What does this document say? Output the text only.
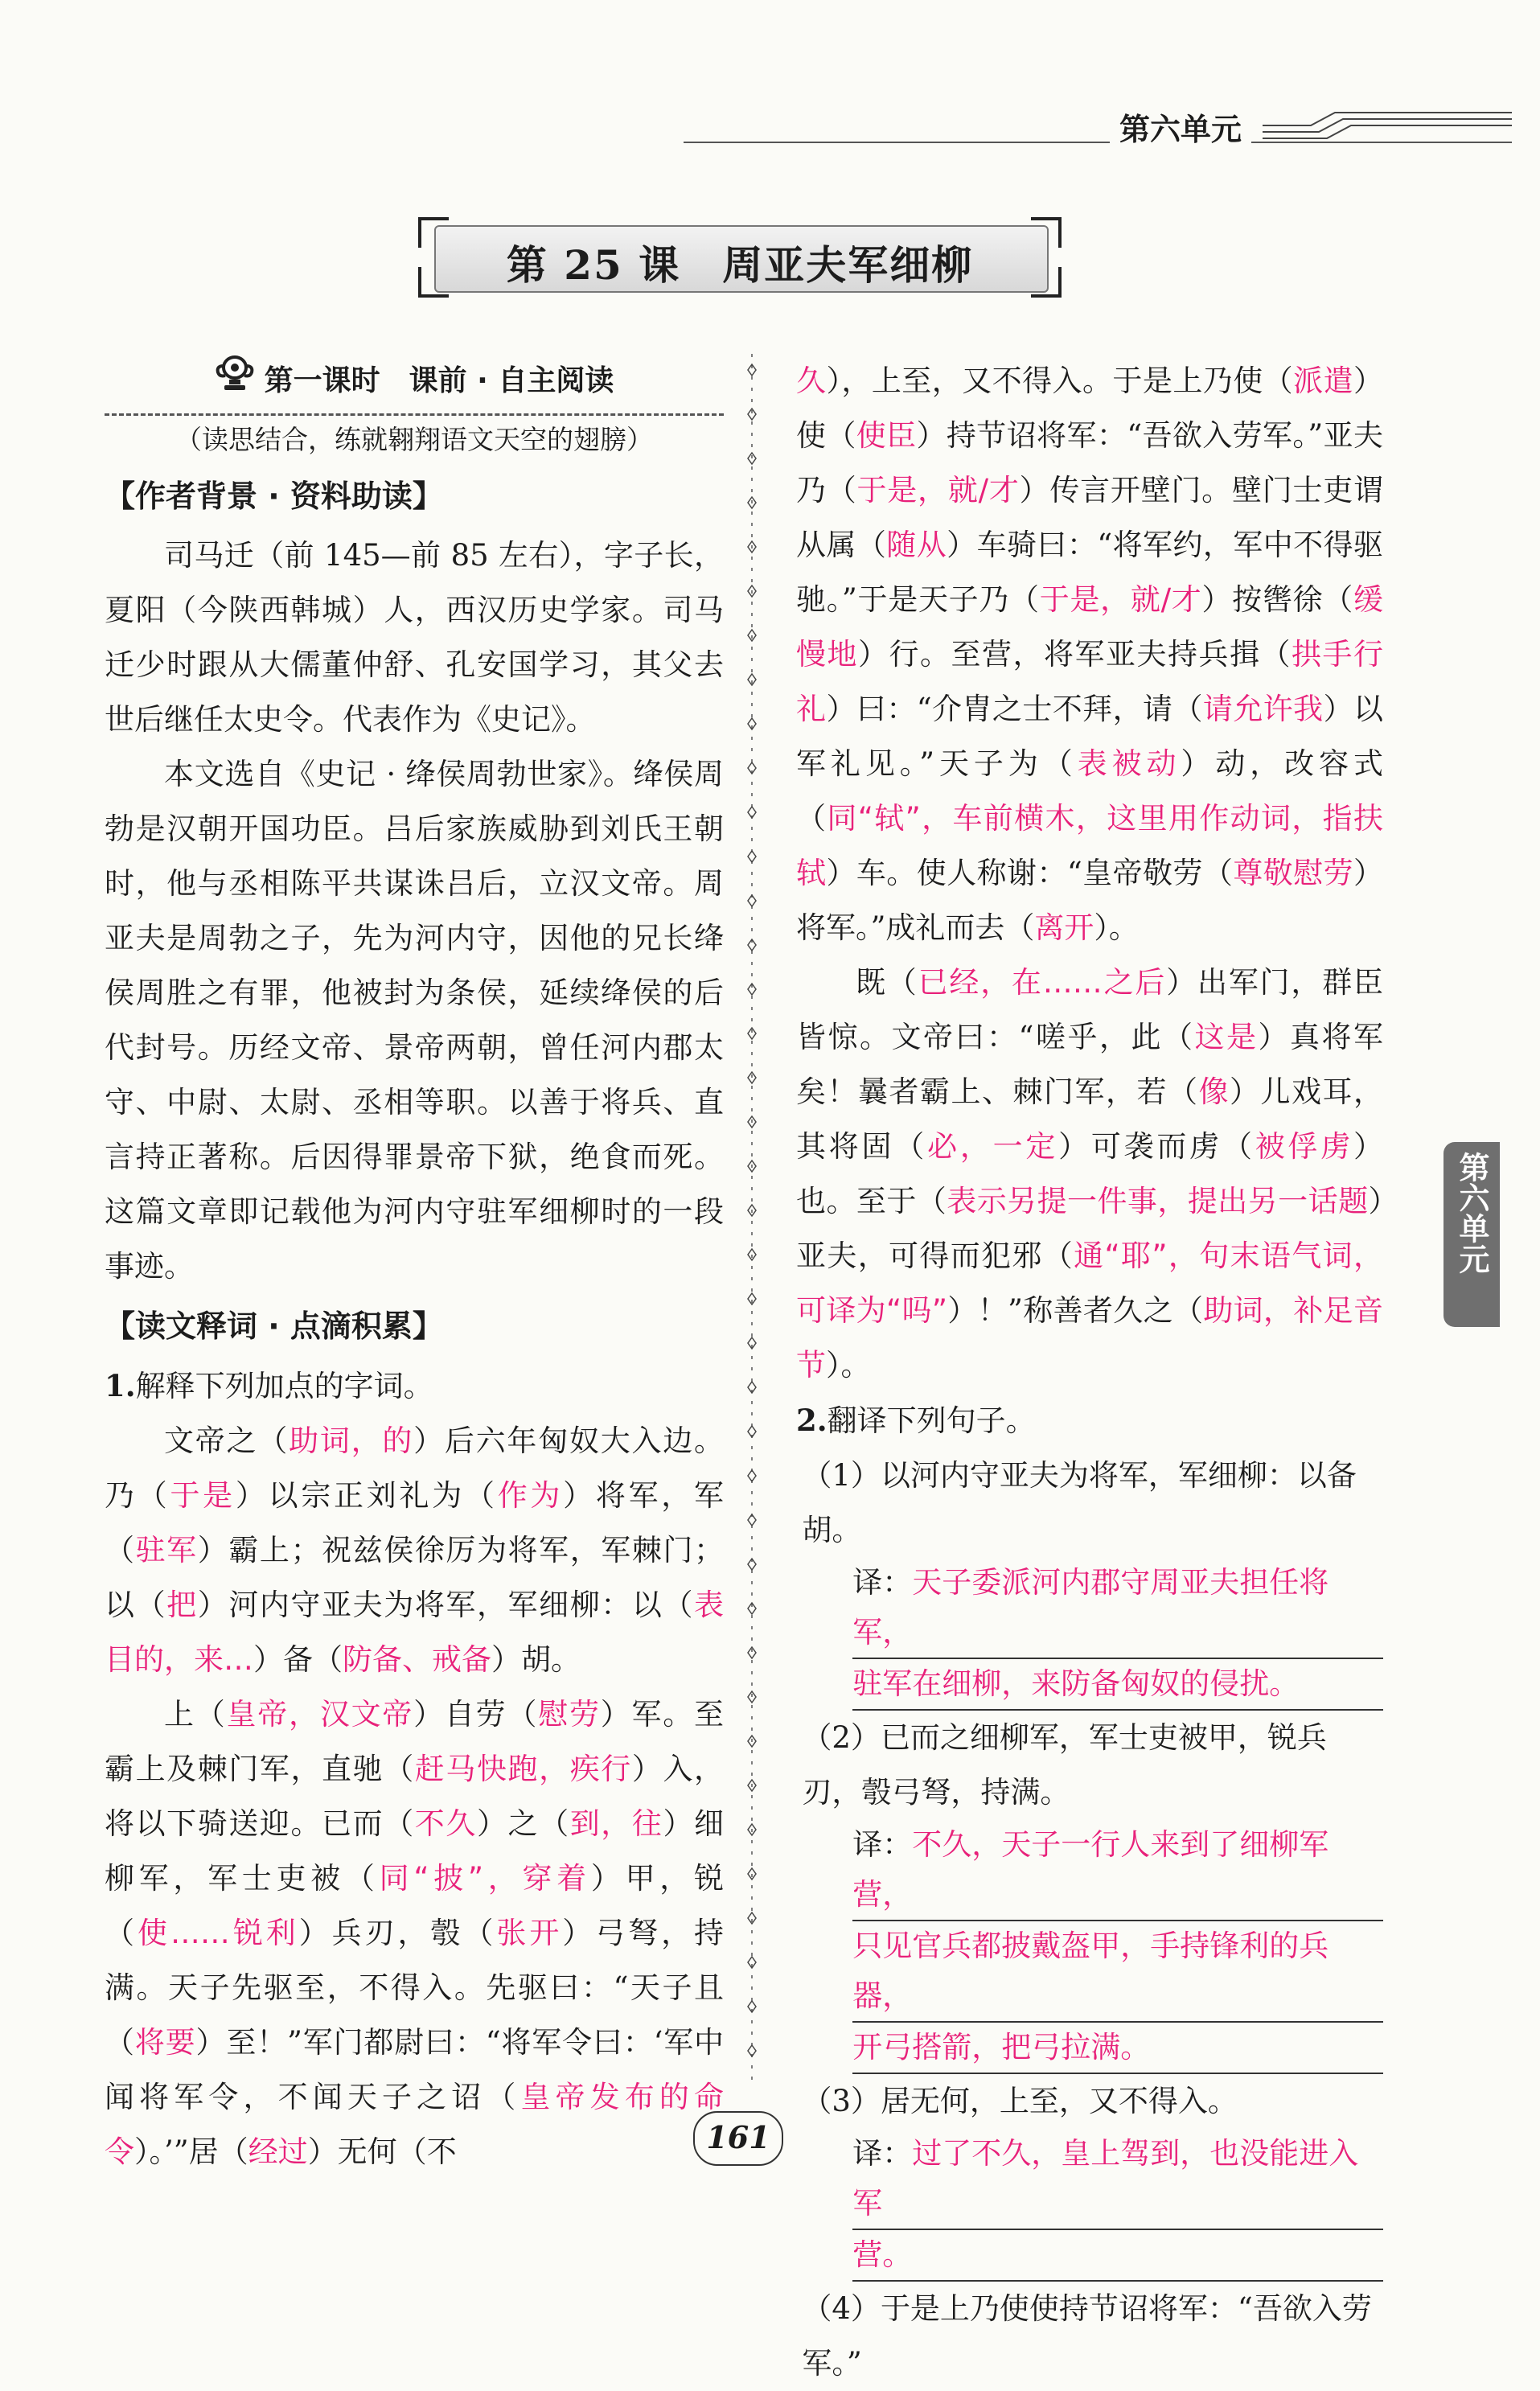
第六单元
第 25 课　周亚夫军细柳
第一课时　课前 · 自主阅读
（读思结合，练就翱翔语文天空的翅膀）
【作者背景 · 资料助读】

司马迁（前 145—前 85 左右），字子长，夏阳（今陕西韩城）人，西汉历史学家。司马迁少时跟从大儒董仲舒、孔安国学习，其父去世后继任太史令。代表作为《史记》。

本文选自《史记 · 绛侯周勃世家》。绛侯周勃是汉朝开国功臣。吕后家族威胁到刘氏王朝时，他与丞相陈平共谋诛吕后，立汉文帝。周亚夫是周勃之子，先为河内守，因他的兄长绛侯周胜之有罪，他被封为条侯，延续绛侯的后代封号。历经文帝、景帝两朝，曾任河内郡太守、中尉、太尉、丞相等职。以善于将兵、直言持正著称。后因得罪景帝下狱，绝食而死。这篇文章即记载他为河内守驻军细柳时的一段事迹。

【读文释词 · 点滴积累】

1.解释下列加点的字词。

文帝之（助词，的）后六年匈奴大入边。乃（于是）以宗正刘礼为（作为）将军，军（驻军）霸上；祝兹侯徐厉为将军，军棘门；以（把）河内守亚夫为将军，军细柳：以（表目的，来…）备（防备、戒备）胡。

上（皇帝，汉文帝）自劳（慰劳）军。至霸上及棘门军，直驰（赶马快跑，疾行）入，将以下骑送迎。已而（不久）之（到，往）细柳军，军士吏被（同“披”，穿着）甲，锐（使……锐利）兵刃，彀（张开）弓弩，持满。天子先驱至，不得入。先驱曰：“天子且（将要）至！”军门都尉曰：“将军令曰：‘军中闻将军令，不闻天子之诏（皇帝发布的命令）。’”居（经过）无何（不

久），上至，又不得入。于是上乃使（派遣）使（使臣）持节诏将军：“吾欲入劳军。”亚夫乃（于是，就/才）传言开壁门。壁门士吏谓从属（随从）车骑曰：“将军约，军中不得驱驰。”于是天子乃（于是，就/才）按辔徐（缓慢地）行。至营，将军亚夫持兵揖（拱手行礼）曰：“介胄之士不拜，请（请允许我）以军礼见。”天子为（表被动）动，改容式（同“轼”，车前横木，这里用作动词，指扶轼）车。使人称谢：“皇帝敬劳（尊敬慰劳）将军。”成礼而去（离开）。

既（已经，在……之后）出军门，群臣皆惊。文帝曰：“嗟乎，此（这是）真将军矣！曩者霸上、棘门军，若（像）儿戏耳，其将固（必，一定）可袭而虏（被俘虏）也。至于（表示另提一件事，提出另一话题）亚夫，可得而犯邪（通“耶”，句末语气词，可译为“吗”）！”称善者久之（助词，补足音节）。

2.翻译下列句子。

（1）以河内守亚夫为将军，军细柳：以备胡。

译：天子委派河内郡守周亚夫担任将军，
驻军在细柳，来防备匈奴的侵扰。

（2）已而之细柳军，军士吏被甲，锐兵刃，彀弓弩，持满。

译：不久，天子一行人来到了细柳军营，
只见官兵都披戴盔甲，手持锋利的兵器，
开弓搭箭，把弓拉满。

（3）居无何，上至，又不得入。

译：过了不久，皇上驾到，也没能进入军
营。

（4）于是上乃使使持节诏将军：“吾欲入劳军。”

第六单元
161
